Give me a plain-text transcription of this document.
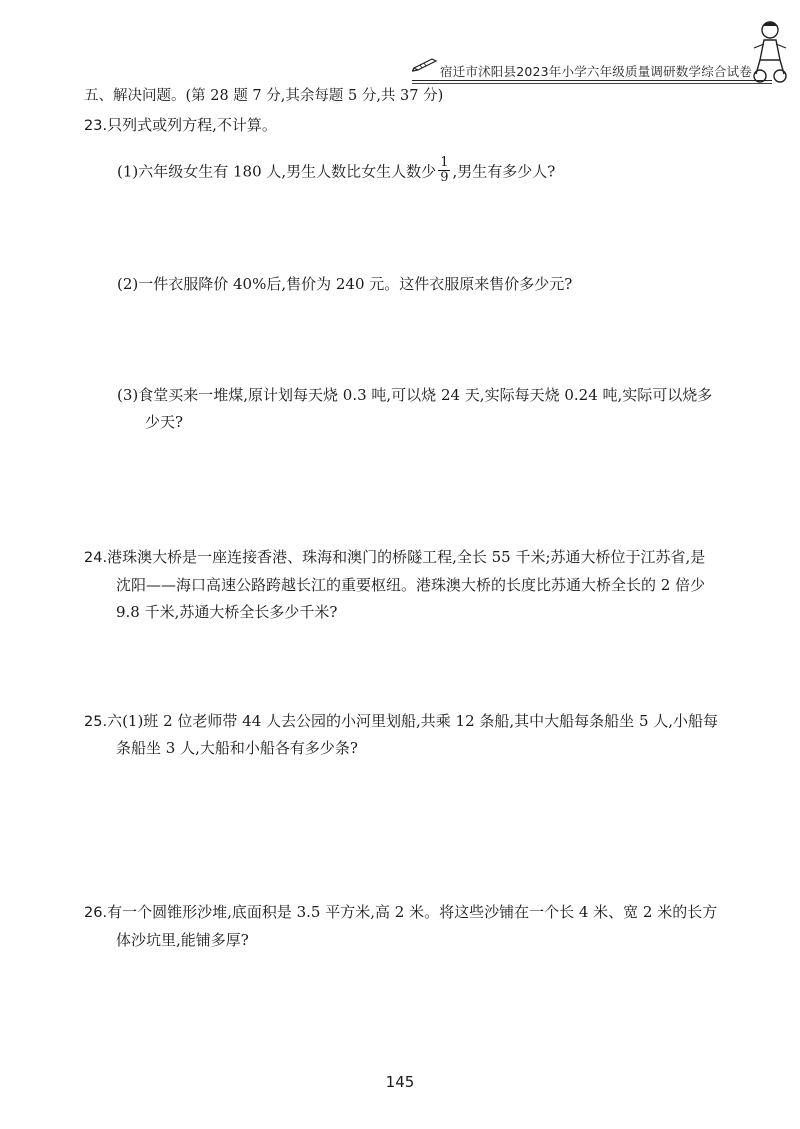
宿迁市沭阳县2023年小学六年级质量调研数学综合试卷
五、解决问题。(第 28 题 7 分,其余每题 5 分,共 37 分)
23.只列式或列方程,不计算。
(1)六年级女生有 180 人,男生人数比女生人数少 $\frac{1}{9}$ ,男生有多少人?
(2)一件衣服降价 40%后,售价为 240 元。这件衣服原来售价多少元?
(3)食堂买来一堆煤,原计划每天烧 0.3 吨,可以烧 24 天,实际每天烧 0.24 吨,实际可以烧多
少天?
24.港珠澳大桥是一座连接香港、珠海和澳门的桥隧工程,全长 55 千米;苏通大桥位于江苏省,是
沈阳——海口高速公路跨越长江的重要枢纽。港珠澳大桥的长度比苏通大桥全长的 2 倍少
9.8 千米,苏通大桥全长多少千米?
25.六(1)班 2 位老师带 44 人去公园的小河里划船,共乘 12 条船,其中大船每条船坐 5 人,小船每
条船坐 3 人,大船和小船各有多少条?
26.有一个圆锥形沙堆,底面积是 3.5 平方米,高 2 米。将这些沙铺在一个长 4 米、宽 2 米的长方
体沙坑里,能铺多厚?
145
